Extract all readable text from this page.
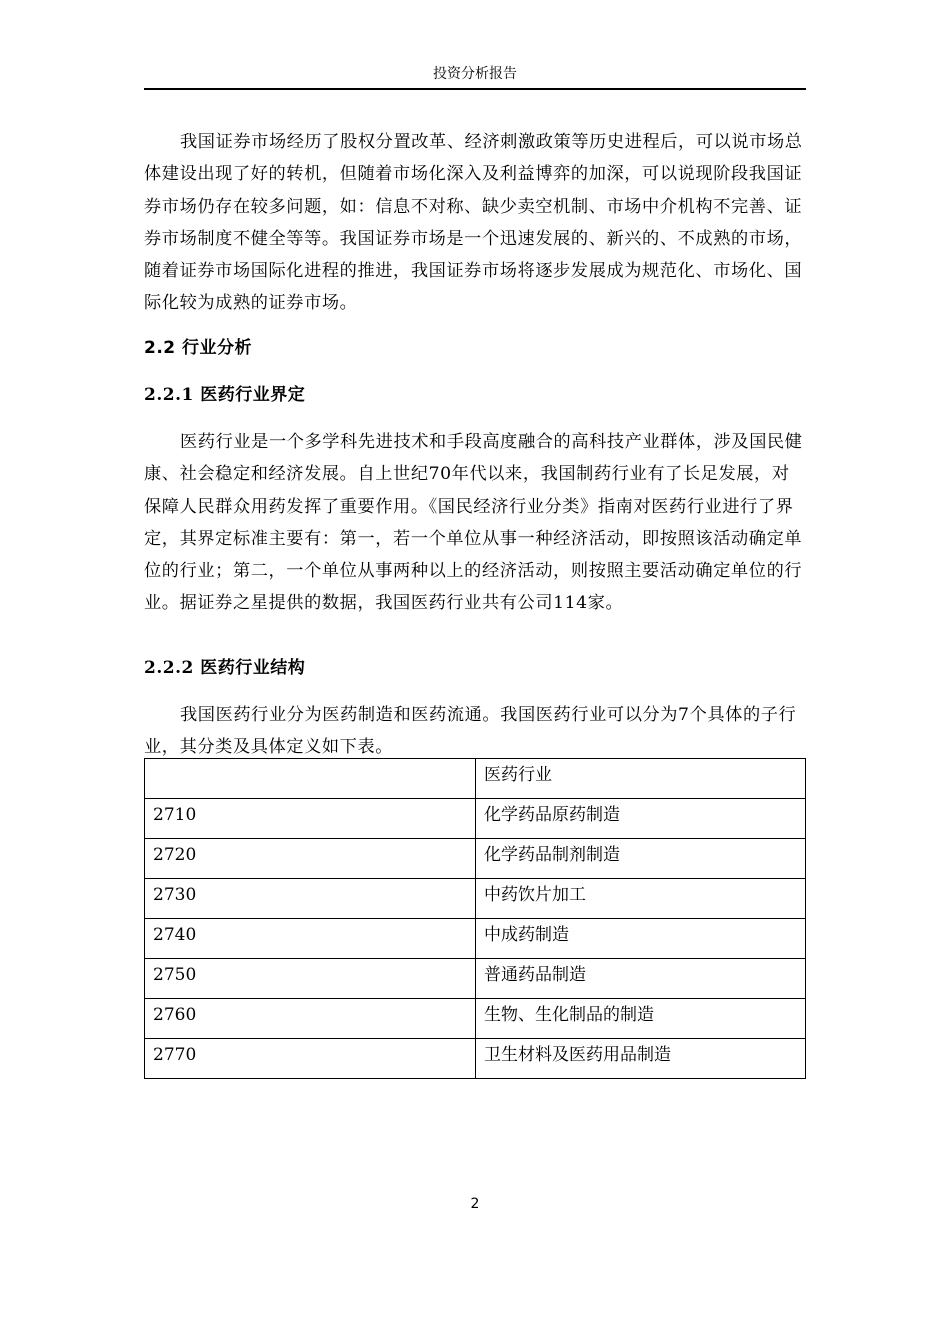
投资分析报告

我国证券市场经历了股权分置改革、经济刺激政策等历史进程后，可以说市场总体建设出现了好的转机，但随着市场化深入及利益博弈的加深，可以说现阶段我国证券市场仍存在较多问题，如：信息不对称、缺少卖空机制、市场中介机构不完善、证券市场制度不健全等等。我国证券市场是一个迅速发展的、新兴的、不成熟的市场，随着证券市场国际化进程的推进，我国证券市场将逐步发展成为规范化、市场化、国际化较为成熟的证券市场。

2.2 行业分析
2.2.1 医药行业界定

医药行业是一个多学科先进技术和手段高度融合的高科技产业群体，涉及国民健康、社会稳定和经济发展。自上世纪70年代以来，我国制药行业有了长足发展，对保障人民群众用药发挥了重要作用。《国民经济行业分类》指南对医药行业进行了界定，其界定标准主要有：第一，若一个单位从事一种经济活动，即按照该活动确定单位的行业；第二，一个单位从事两种以上的经济活动，则按照主要活动确定单位的行业。据证券之星提供的数据，我国医药行业共有公司114家。

2.2.2 医药行业结构

我国医药行业分为医药制造和医药流通。我国医药行业可以分为7个具体的子行业，其分类及具体定义如下表。

	医药行业
2710	化学药品原药制造
2720	化学药品制剂制造
2730	中药饮片加工
2740	中成药制造
2750	普通药品制造
2760	生物、生化制品的制造
2770	卫生材料及医药用品制造
2
